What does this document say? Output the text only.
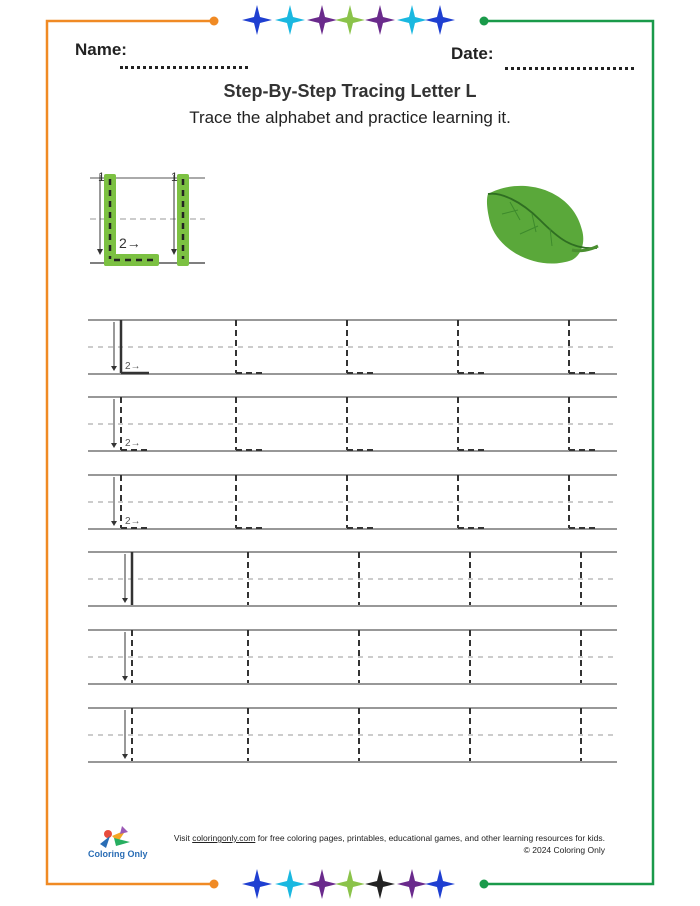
Name:	Date:
Step-By-Step Tracing Letter L
Trace the alphabet and practice learning it.
1	1
2→
2→
2→
2→
Coloring Only
Visit coloringonly.com for free coloring pages, printables, educational games, and other learning resources for kids.
© 2024 Coloring Only
